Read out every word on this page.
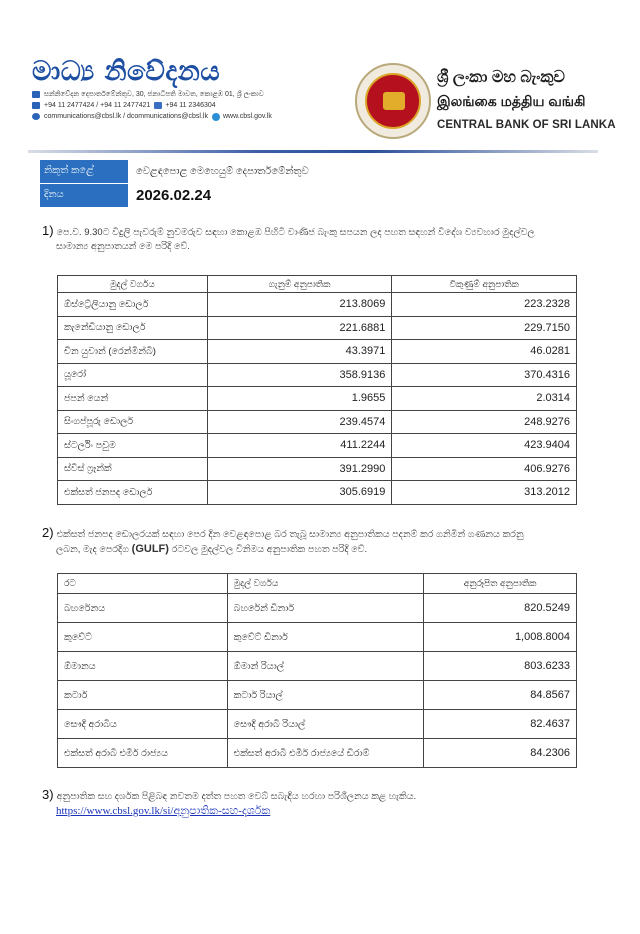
මාධ්‍ය නිවේදනය
සන්නිවේදන දෙපාර්තමේන්තුව, 30, ජනාධිපති මාවත, කොළඹ 01, ශ්‍රී ලංකාව
+94 11 2477424 / +94 11 2477421 +94 11 2346304
communications@cbsl.lk / dcommunications@cbsl.lk www.cbsl.gov.lk
ශ්‍රී ලංකා මහ බැංකුව
இலங்கை மத்திய வங்கி
CENTRAL BANK OF SRI LANKA
නිකුත් කළේ	වෙළඳපොළ මෙහෙයුම් දෙපාර්තමේන්තුව
දිනය	2026.02.24
1) පෙ.ව. 9.30ට විදුලි පැවරුම් නුවමරුව සඳහා කොළඹ පිහිටි වාණිජ බැංකු සපයන ලද පහත සඳහන් විදේශ ව්‍යවහාර මුදල්වල
සාමාන්‍ය අනුපාතයන් මෙ පරිදි වේ.
මුදල් වර්ගය	ගැනුම් අනුපාතික	විකුණුම් අනුපාතික
ඕස්ට්‍රේලියානු ඩොලර්	213.8069	223.2328
කැනේඩියානු ඩොලර්	221.6881	229.7150
චීන යුවාන් (රෙන්මින්බි)	43.3971	46.0281
යූරෝ	358.9136	370.4316
ජපන් යෙන්	1.9655	2.0314
සිංගප්පූරු ඩොලර්	239.4574	248.9276
ස්ටර්ලිං පවුම	411.2244	423.9404
ස්විස් ෆ්‍රෑන්ක්	391.2990	406.9276
එක්සත් ජනපද ඩොලර්	305.6919	313.2012
2) එක්සත් ජනපද ඩොලරයක් සඳහා පෙර දින වෙළඳපොළ බර තැබූ සාමාන්‍ය අනුපාතිකය පදනම් කර ගනිමින් ගණනය කරනු
ලබන, මැද පෙරදිග (GULF) රටවල මුදල්වල විනිමය අනුපාතික පහත පරිදි වේ.
රට	මුදල් වර්ගය	අනුරූපිත අනුපාතික
බහරේනය	බහරේන් ඩිනාර්	820.5249
කුවේට්	කුවේට් ඩිනාර්	1,008.8004
ඕමානය	ඕමාන් රියාල්	803.6233
කටාර්	කටාර් රියාල්	84.8567
සෞදි අරාබිය	සෞදි අරාබි රියාල්	82.4637
එක්සත් අරාබි එමීර් රාජ්‍යය	එක්සත් අරාබි එමීර් රාජ්‍යයේ ඩිරාම්	84.2306
3) අනුපාතික සහ දර්ශක පිළිබඳ නවතම දත්ත පහත වෙබ් සබැඳිය හරහා පරිශීලනය කළ හැකිය.
https://www.cbsl.gov.lk/si/අනුපාතික-සහ-දර්ශක
